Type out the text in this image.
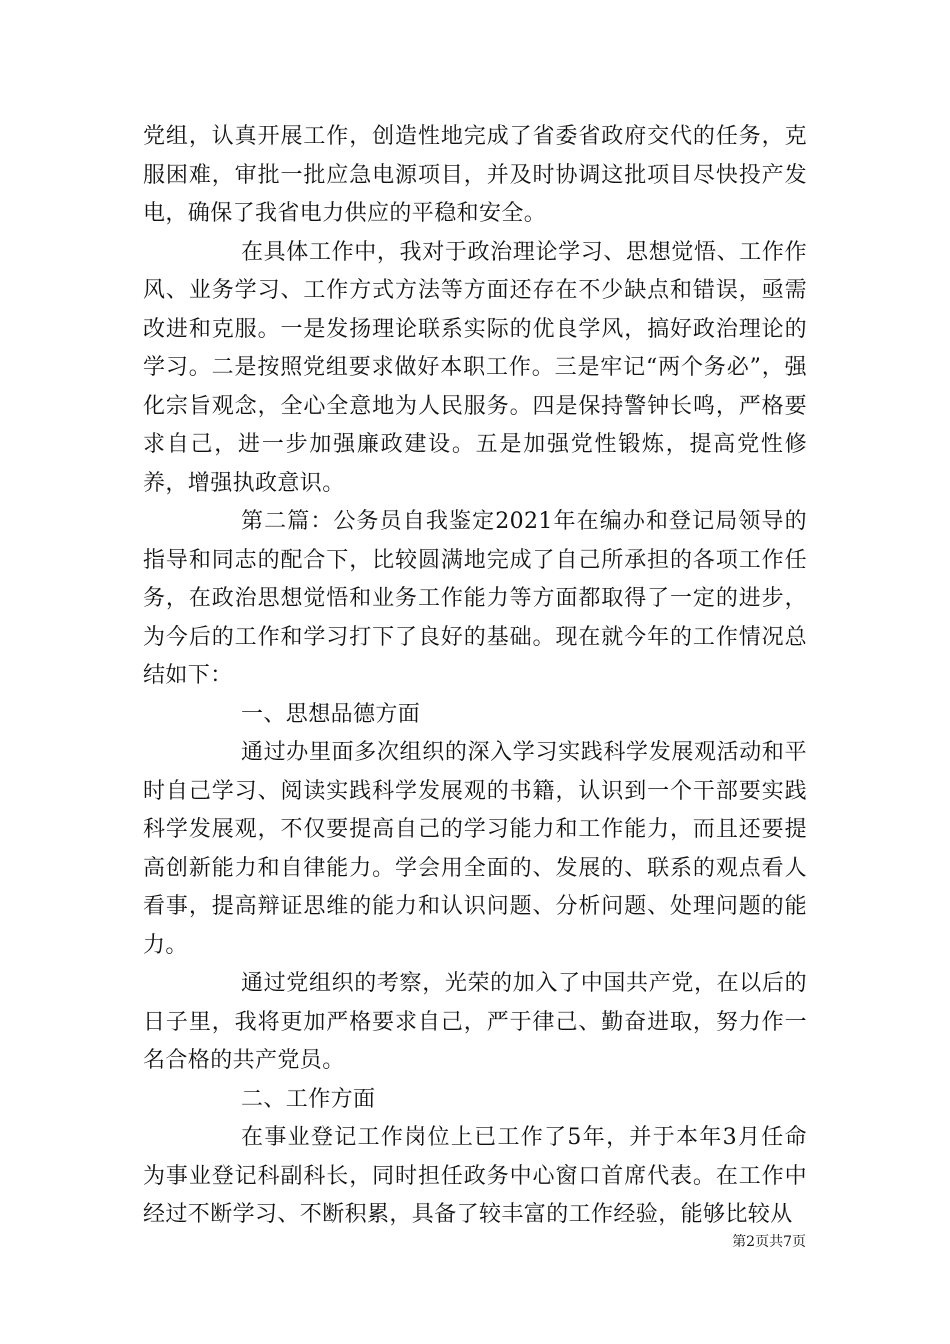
党组，认真开展工作，创造性地完成了省委省政府交代的任务，克服困难，审批一批应急电源项目，并及时协调这批项目尽快投产发电，确保了我省电力供应的平稳和安全。

在具体工作中，我对于政治理论学习、思想觉悟、工作作风、业务学习、工作方式方法等方面还存在不少缺点和错误，亟需改进和克服。一是发扬理论联系实际的优良学风，搞好政治理论的学习。二是按照党组要求做好本职工作。三是牢记“两个务必”，强化宗旨观念，全心全意地为人民服务。四是保持警钟长鸣，严格要求自己，进一步加强廉政建设。五是加强党性锻炼，提高党性修养，增强执政意识。

第二篇：公务员自我鉴定2021年在编办和登记局领导的指导和同志的配合下，比较圆满地完成了自己所承担的各项工作任务，在政治思想觉悟和业务工作能力等方面都取得了一定的进步，为今后的工作和学习打下了良好的基础。现在就今年的工作情况总结如下：

一、思想品德方面

通过办里面多次组织的深入学习实践科学发展观活动和平时自己学习、阅读实践科学发展观的书籍，认识到一个干部要实践科学发展观，不仅要提高自己的学习能力和工作能力，而且还要提高创新能力和自律能力。学会用全面的、发展的、联系的观点看人看事，提高辩证思维的能力和认识问题、分析问题、处理问题的能力。

通过党组织的考察，光荣的加入了中国共产党，在以后的日子里，我将更加严格要求自己，严于律己、勤奋进取，努力作一名合格的共产党员。

二、工作方面

在事业登记工作岗位上已工作了5年，并于本年3月任命为事业登记科副科长，同时担任政务中心窗口首席代表。在工作中经过不断学习、不断积累，具备了较丰富的工作经验，能够比较从

第2页共7页
